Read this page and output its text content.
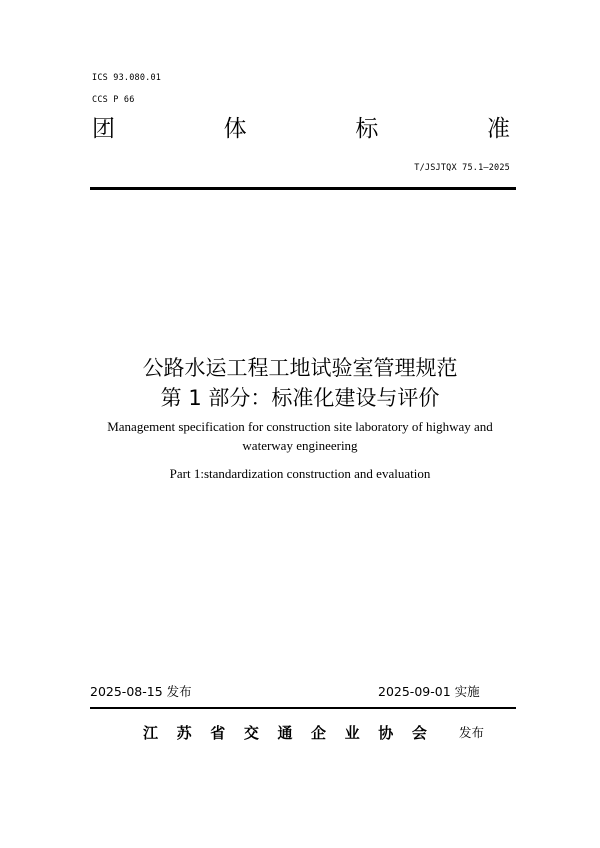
ICS 93.080.01
CCS P 66
团	体	标	准
T/JSJTQX 75.1—2025
公路水运工程工地试验室管理规范
第 1 部分：标准化建设与评价
Management specification for construction site laboratory of highway and
waterway engineering
Part 1:standardization construction and evaluation
2025-08-15 发布	2025-09-01 实施
江 苏 省 交 通 企 业 协 会	发布
